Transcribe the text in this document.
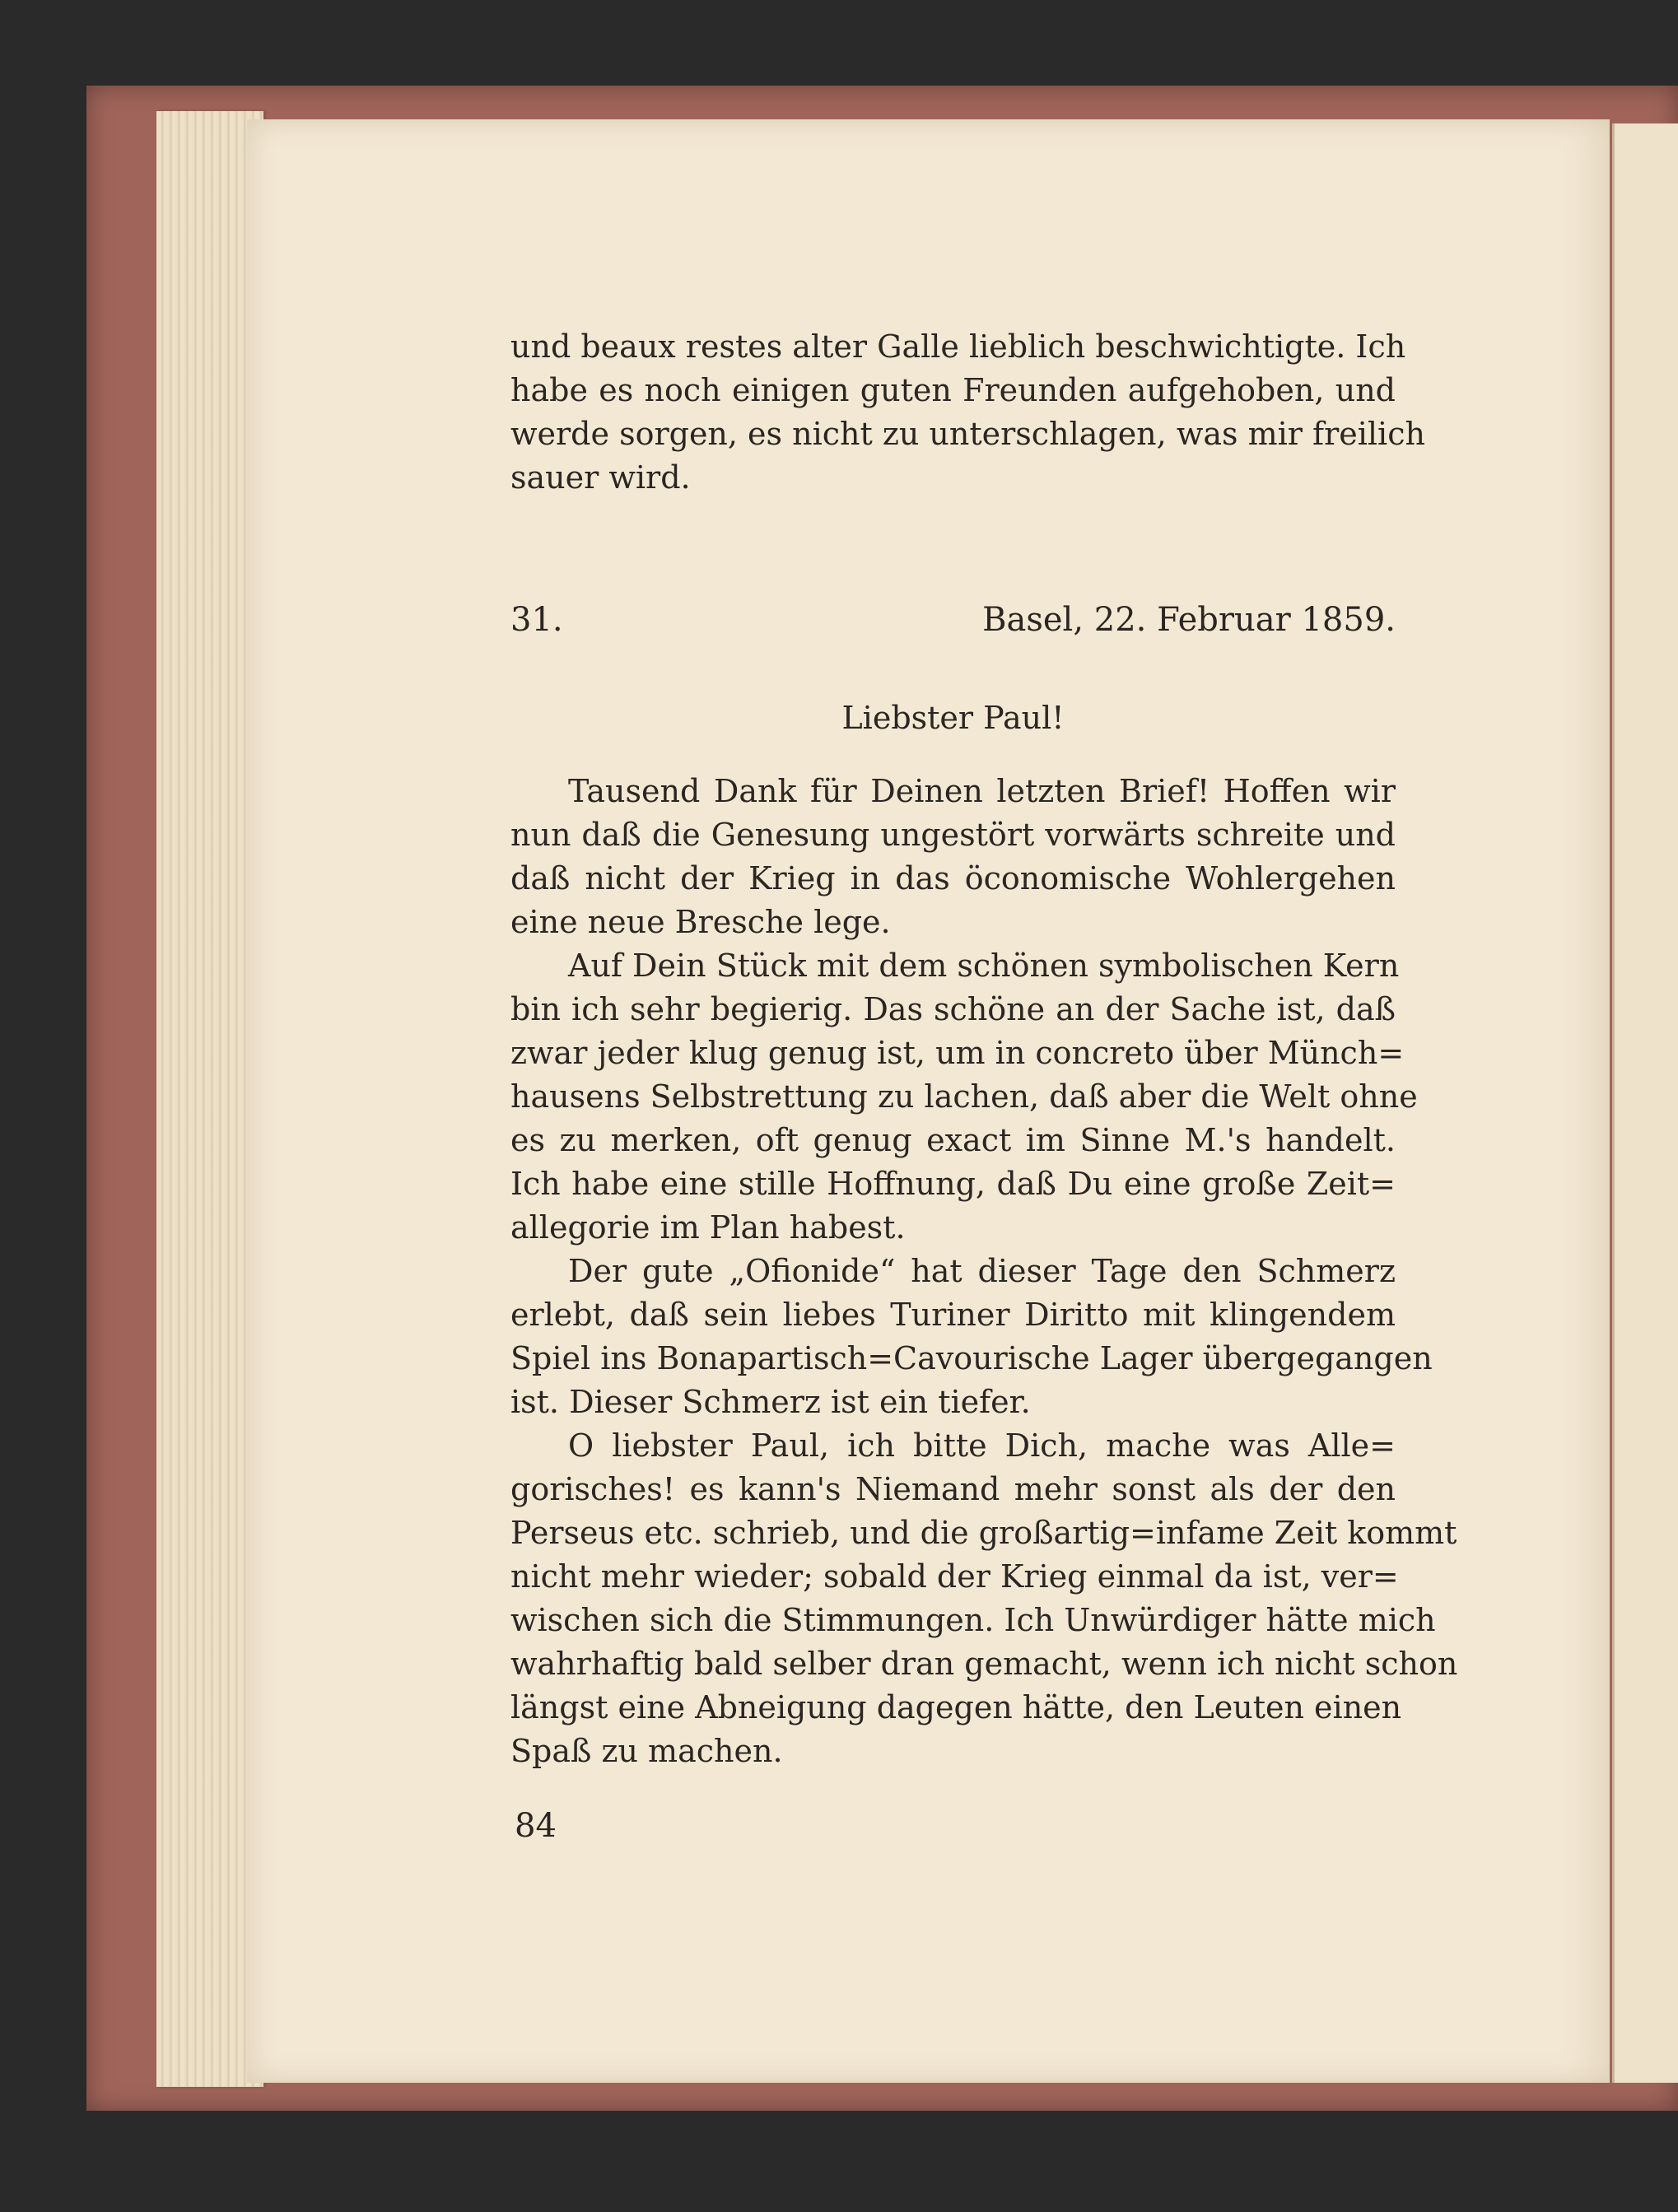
und beaux restes alter Galle lieblich beschwichtigte. Ich
habe es noch einigen guten Freunden aufgehoben, und
werde sorgen, es nicht zu unterschlagen, was mir freilich
sauer wird.
31.	Basel, 22. Februar 1859.
Liebster Paul!
Tausend Dank für Deinen letzten Brief! Hoffen wir
nun daß die Genesung ungestört vorwärts schreite und
daß nicht der Krieg in das öconomische Wohlergehen
eine neue Bresche lege.
Auf Dein Stück mit dem schönen symbolischen Kern
bin ich sehr begierig. Das schöne an der Sache ist, daß
zwar jeder klug genug ist, um in concreto über Münch=
hausens Selbstrettung zu lachen, daß aber die Welt ohne
es zu merken, oft genug exact im Sinne M.'s handelt.
Ich habe eine stille Hoffnung, daß Du eine große Zeit=
allegorie im Plan habest.
Der gute „Ofionide“ hat dieser Tage den Schmerz
erlebt, daß sein liebes Turiner Diritto mit klingendem
Spiel ins Bonapartisch=Cavourische Lager übergegangen
ist. Dieser Schmerz ist ein tiefer.
O liebster Paul, ich bitte Dich, mache was Alle=
gorisches! es kann's Niemand mehr sonst als der den
Perseus etc. schrieb, und die großartig=infame Zeit kommt
nicht mehr wieder; sobald der Krieg einmal da ist, ver=
wischen sich die Stimmungen. Ich Unwürdiger hätte mich
wahrhaftig bald selber dran gemacht, wenn ich nicht schon
längst eine Abneigung dagegen hätte, den Leuten einen
Spaß zu machen.
84
